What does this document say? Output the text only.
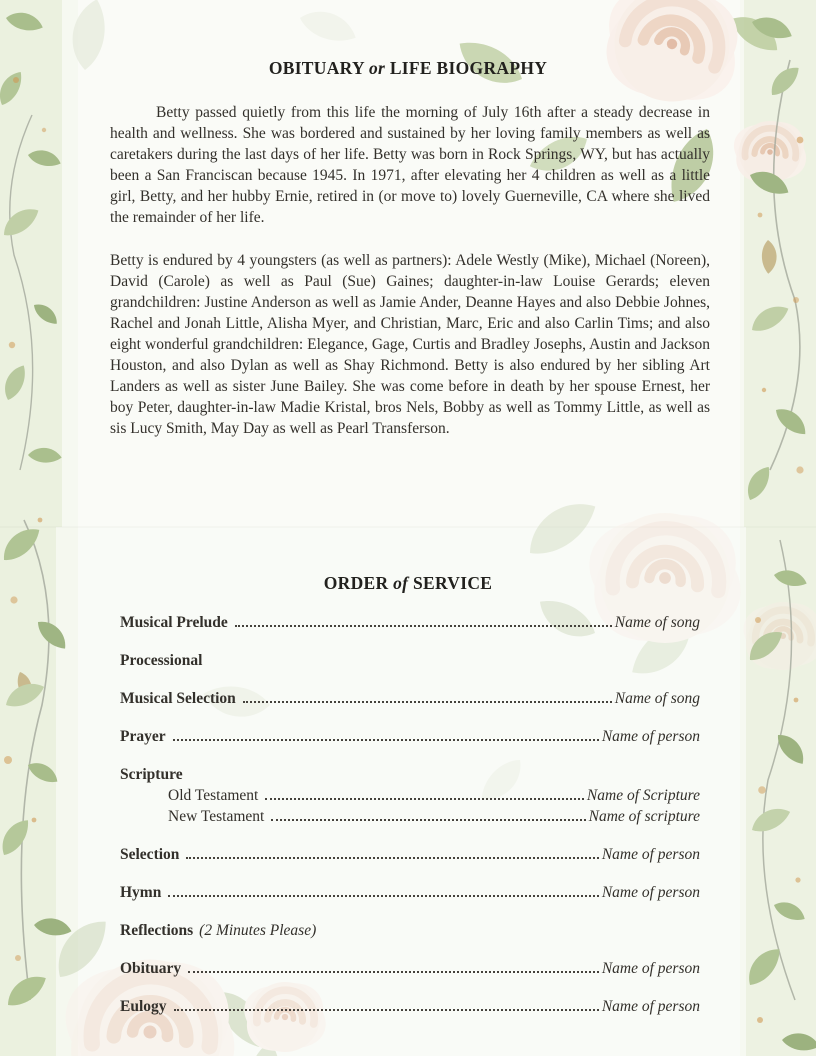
OBITUARY or LIFE BIOGRAPHY

Betty passed quietly from this life the morning of July 16th after a steady decrease in health and wellness. She was bordered and sustained by her loving family members as well as caretakers during the last days of her life. Betty was born in Rock Springs, WY, but has actually been a San Franciscan because 1945. In 1971, after elevating her 4 children as well as a little girl, Betty, and her hubby Ernie, retired in (or move to) lovely Guerneville, CA where she lived the remainder of her life.

Betty is endured by 4 youngsters (as well as partners): Adele Westly (Mike), Michael (Noreen), David (Carole) as well as Paul (Sue) Gaines; daughter-in-law Louise Gerards; eleven grandchildren: Justine Anderson as well as Jamie Ander, Deanne Hayes and also Debbie Johnes, Rachel and Jonah Little, Alisha Myer, and Christian, Marc, Eric and also Carlin Tims; and also eight wonderful grandchildren: Elegance, Gage, Curtis and Bradley Josephs, Austin and Jackson Houston, and also Dylan as well as Shay Richmond. Betty is also endured by her sibling Art Landers as well as sister June Bailey. She was come before in death by her spouse Ernest, her boy Peter, daughter-in-law Madie Kristal, bros Nels, Bobby as well as Tommy Little, as well as sis Lucy Smith, May Day as well as Pearl Transferson.

ORDER of SERVICE
Musical Prelude	Name of song
Processional
Musical Selection	Name of song
Prayer	Name of person
Scripture
Old Testament	Name of Scripture
New Testament	Name of scripture
Selection	Name of person
Hymn	Name of person
Reflections (2 Minutes Please)
Obituary	Name of person
Eulogy	Name of person
